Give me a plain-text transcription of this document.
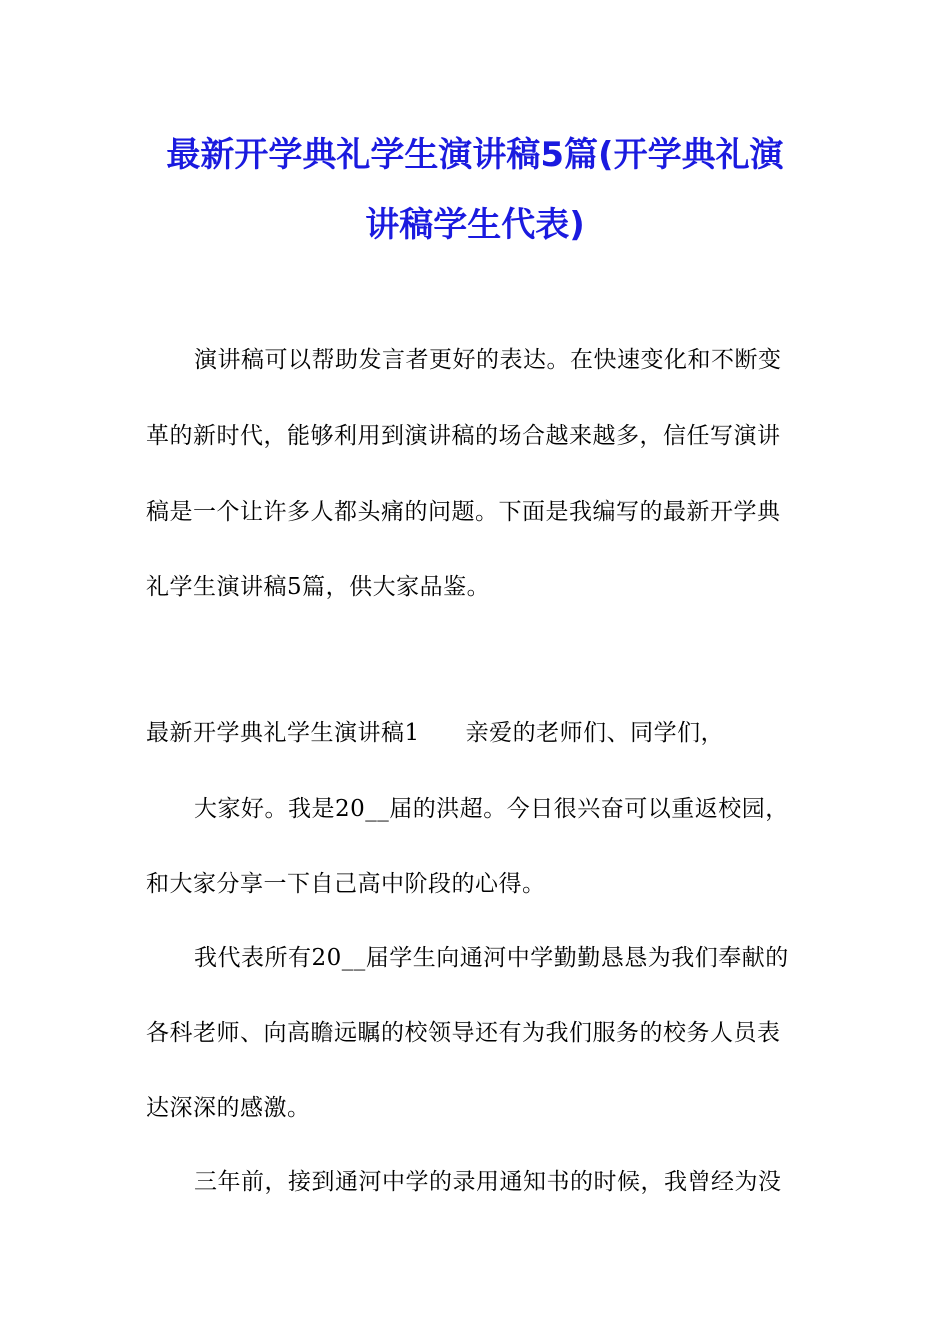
最新开学典礼学生演讲稿5篇(开学典礼演
讲稿学生代表)

演讲稿可以帮助发言者更好的表达。在快速变化和不断变

革的新时代，能够利用到演讲稿的场合越来越多，信任写演讲

稿是一个让许多人都头痛的问题。下面是我编写的最新开学典

礼学生演讲稿5篇，供大家品鉴。

最新开学典礼学生演讲稿1 亲爱的老师们、同学们，

大家好。我是20__届的洪超。今日很兴奋可以重返校园，

和大家分享一下自己高中阶段的心得。

我代表所有20__届学生向通河中学勤勤恳恳为我们奉献的

各科老师、向高瞻远瞩的校领导还有为我们服务的校务人员表

达深深的感激。

三年前，接到通河中学的录用通知书的时候，我曾经为没
